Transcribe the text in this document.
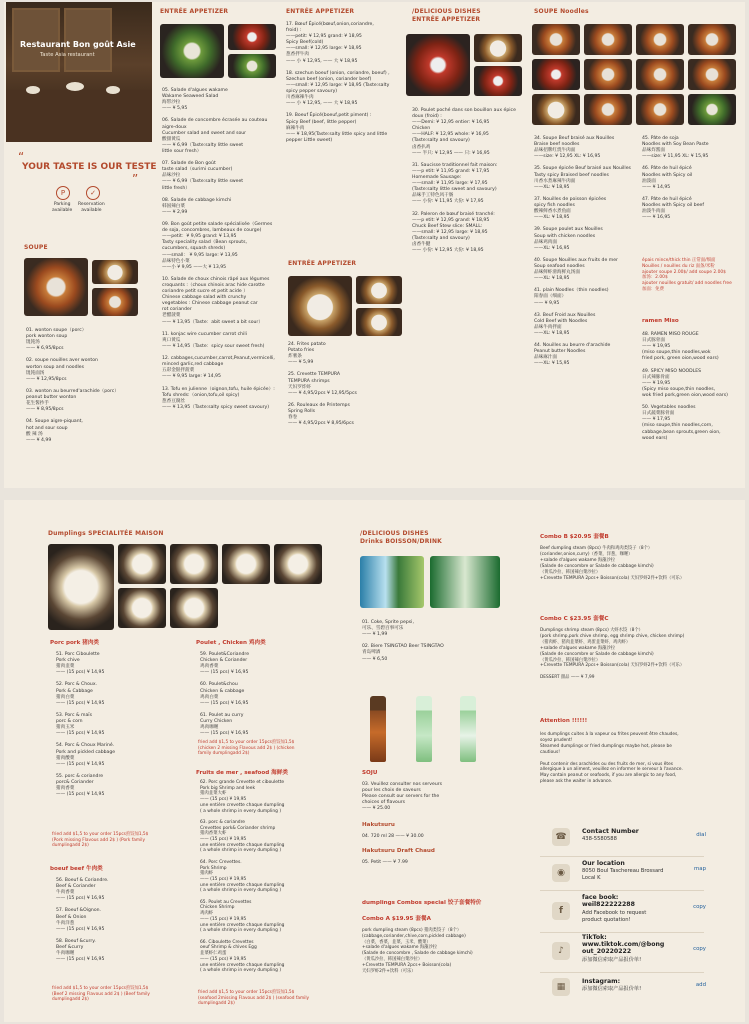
Restaurant Bon goût Asie
Taste Asia restaurant
“
YOUR TASTE IS OUR TESTE
”
P
Parking
available
✓
Reservation
available
SOUPE
01. wonton soupe（porc）
pork wonton soup
馄饨汤
—— ¥ 6,95/8pcs

02. soupe nouilles aver wonton
worton soup and noodles
馄饨面汤
—— ¥ 12,95/8pcs

03. wonton au beurred'arachide（porc）
peanut butter wonton
花生酱抄手
—— ¥ 8,95/8pcs

04. Soupe aigre-piquant,
hot and sour soup
酸 辣 汤
—— ¥ 4,99
ENTRÉE APPETIZER
05. Salade d'algues wakame
Wakame Seaweed Salad
海带沙拉
—— ¥ 5,95

06. Salade de concombre écrasée au couteau
aigre-doux
Cucumber salad and sweet and sour
酸甜黄瓜
—— ¥ 6,99（Taste:salty little sweet
little sour fresh）

07. Salade de Bon goût
taste salad（surimi cucumber)
品味沙拉
—— ¥ 6,99（Taste:salty little sweet
little fresh）

08. Salade de cabbage kimchi
韩国辣白菜
—— ¥ 2,99

09. Bon goût petite salade spécialisée（Germes
de soja, concombres, lambeaux de courge)
——petit：¥ 9,95 grand: ¥ 13,95
Tasty speciality salad（Bean sprouts,
cucumbers, squash shreds)
——small： ¥ 9,95 large: ¥ 13,95
品味特色小菜
——小 ¥ 9,95 ——大 ¥ 13,95

10. Salade de choux chinois râpé aux légumes
croquants :（choux chinois arac hide carotte
coriandre petit sucre et petit acide ）
Chinese cabbage salad with crunchy
vegetables : Chinese cabbage peanut car
rot coriander
老醋菠菜
—— ¥ 13,95（Taste：abit sweet a bit sour）

11. konjac wire cucumber carrot chili
爽口黄瓜
—— ¥ 14,95（Taste：spicy sour sweet fresh)

12. cabbages,cucumber,carrot,Peanut,vermicelli,
minced garlic,red cabbage
五彩金银拌菠菜
—— ¥ 9,95 large: ¥ 14,95

13. Tofu en julienne（oignon,tofu, huile épicée）:
Tofu shreds:（onion,tofu,oil spicy)
葱香豆腐丝
—— ¥ 13,95（Taste:salty spicy sweet savoury)
ENTRÉE APPETIZER
17. Bœuf Épicé(bœuf,onion,coriandre,
froid) :
——petit: ¥ 12,95 grand: ¥ 18,95
Spicy Beef(cold)
——small: ¥ 12,95 large: ¥ 18,95
葱香拌牛肉
—— 小 ¥ 12,95, —— 大 ¥ 18,95

18. szechun boeuf (onion, coriandre, boeuf) ,
Szechun beef (onion, coriander beef)
——small: ¥ 12,95 large: ¥ 18,95 (Taste:salty
spicy pepper savoury)
川香麻辣牛肉
—— 小 ¥ 12,95, —— 大 ¥ 18,95

19. Boeuf Épicé(boeuf,petit piment) :
Spicy Beef (beef, little pepper)
麻辣牛肉
—— ¥ 18,95(Taste:salty little spicy and little
pepper Little sweet)
ENTRÉE APPETIZER
24. Frites patato
Potato fries
炸薯条
—— ¥ 5,99

25. Crevette TEMPURA
TEMPURA shrimps
天妇罗炸虾
—— ¥ 4,95/2pcs ¥ 12,95/5pcs

26. Rouleaux de Printemps
Spring Rolls
春卷
—— ¥ 4,95/2pcs ¥ 8,95/6pcs
/DELICIOUS DISHES
ENTRÉE APPETIZER
30. Poulet poché dans son bouillon aux épice
doux (froid) :
——Demi: ¥ 12,95 entier: ¥ 16,95
Chicken
——HALF: ¥ 12,95 whole: ¥ 16,95
(Taste:salty and savoury)
卤香扒鸡
—— 半只: ¥ 12,95 —— 只: ¥ 16,95

31. Saucisse traditionnel fait maison:
——p etit: ¥ 11,95 grand: ¥ 17,95
Homemade Sausage:
——small: ¥ 11,95 large: ¥ 17,95
(Taste:salty little sweet and savoury)
品味手工特色风干肠
—— 小份: ¥ 11,95 大份: ¥ 17,95

32. Paleron de bœuf braisé tranché:
——p etit: ¥ 12,95 grand: ¥ 18,95
Chuck Beef Stew slice: SMALL:
——small: ¥ 12,95 large: ¥ 18,95
(Taste:salty and savoury)
卤香牛腱
—— 小份: ¥ 12,95 大份: ¥ 18,95
SOUPE Noodles
34. Soupe Beuf braisé aux Nouilles
Braise beef noodles
品味招牌红烧牛肉面
——size: ¥ 12,95 XL: ¥ 16,95

35. Soupe épicée Beuf braisé aux Nouilles
Tasty spicy Braised beef noodles
川香水煮麻辣牛肉面
——XL: ¥ 18,95

37. Nouilles de poisson épicées
spicy fish noodles
酸辣鲜香水煮鱼面
——XL: ¥ 18,95

39. Soupe poulet aux Nouilles
Soup with chicken noodles
品味鸡肉面
——XL: ¥ 16,95

40. Soupe Nouilles aux fruits de mer
Soup seafood noodles
品味鲜虾滑海鲜丸汤面
——XL: ¥ 18,95

41. plain Noodles（thin noodles)
阳春面（细面）
—— ¥ 9,95

43. Beuf Froid aux Nouilles
Cold Beef with Noodles
品味牛肉拌面
——XL: ¥ 18,95

44. Nouilles au beurre d'arachide
Peanut butter Noodles
品味麻汁面
——XL: ¥ 15,95
45. Pâte de soja
Noodles with Soy Bean Paste
品味炸酱面
——size: ¥ 11,95 XL: ¥ 15,95

46. Pâte de huil épicé
Noodles with Spicy oil
油泼面
—— ¥ 14,95

47. Pâte de huil épicé
Noodles with Spicy oil beef
油泼牛肉面
—— ¥ 16,95
épais mince/thick thin 正常面/细面
Nouilles / nouilles du riz 面条/米粉
ajouter soupe 2.00$/ add soupe 2.00$
加汤：2.00$
ajouter nouilles gratuit/ add noodles free
加面：免费
ramen Miso
48. RAMEN MISO ROUGE
日式豚骨面
—— ¥ 19,95
(miso soupe,thin noodles,wok
fried pork, green oion,wood ears)

49. SPICY MISO NOODLES
日式辣豚骨面
—— ¥ 19,95
(Spicy miso soupe,thin noodles,
wok fried pork,green oion,wood ears)

50. Vegetables noodles
日式蔬菜豚骨面
—— ¥ 17,95
(miso soupe,thin noodles,corn,
cabbage,bean sprouts,green oion,
wood ears)
Dumplings SPECIALITÉE MAISON
Porc pork 猪肉类
51. Porc Ciboulette
Pork chive
猪肉韭菜
—— (15 pcs) ¥ 14,95

52. Porc & Choux.
Pork & Cabbage
猪肉白菜
—— (15 pcs) ¥ 14,95

53. Porc & maïs
porc & corn
猪肉玉米
—— (15 pcs) ¥ 14,95

54. Porc & Choux Mariné.
Pork and pickled cabbage
猪肉酸菜
—— (15 pcs) ¥ 14,95

55. porc & coriandre
porc& Coriander
猪肉香菜
—— (15 pcs) ¥ 14,95
fried add $1,5 to your order 15pcs煎饺加1,5$
(Pork missing Flavous add 2$ ) (Pork family
dumplingadd 2$)
boeuf beef 牛肉类
56. Boeuf & Coriandre.
Beef & Coriander
牛肉香菜
—— (15 pcs) ¥ 16,95

57. Boeuf &Oignon.
Beef & Onion
牛肉洋葱
—— (15 pcs) ¥ 16,95

58. Boeuf &curry.
Beef &curry
牛肉咖喱
—— (15 pcs) ¥ 16,95
fried add $1,5 to your order 15pcs煎饺加1,5$
(Beef 2 missing Flavous add 2$ ) (Beef family
dumplingadd 2$)
Poulet , Chicken 鸡肉类
59. Poulet&Coriandre
Chicken & Coriander
鸡肉香菜
—— (15 pcs) ¥ 16,95

60. Poulet&chou
Chicken & cabbage
鸡肉白菜
—— (15 pcs) ¥ 16,95

61. Poulet au curry
Curry Chicken
鸡肉咖喱
—— (15 pcs) ¥ 16,95
fried add $1,5 to your order 15pcs煎饺加1,5$
(chicken 2 missing Flavous add 2$ ) (chicken
family dumplingadd 2$)
Fruits de mer , seafood 海鲜类
62. Porc grande Crevette et ciboulette
Pork big Shrimp and leek
猪肉韭菜大虾
—— (15 pcs) ¥ 19,95
une entière crevette chaque dumpling
( a whole shrimp in every dumpling )

63. porc & coriandre
Crevettes pork& Coriander shrimp
猪肉香菜大虾
—— (15 pcs) ¥ 19,95
une entière crevette chaque dumpling
( a whole shrimp in every dumpling )

64. Porc Crevettes.
Pork Shrimp
猪肉虾
—— (15 pcs) ¥ 19,95
une entière crevette chaque dumpling
( a whole shrimp in every dumpling )

65. Poulet au Crevettes
Chicken Shrimp
鸡肉虾
—— (15 pcs) ¥ 19,95
une entière crevette chaque dumpling
( a whole shrimp in every dumpling )

66. Ciboulette Crevettes
oeuf Shrimp & chives Egg
韭菜虾仁鸡蛋
—— (15 pcs) ¥ 19,95
une entière crevette chaque dumpling
( a whole shrimp in every dumpling )
fried add $1,5 to your order 15pcs煎饺加1,5$
(seafood 2missing Flavous add 2$ ) (seafood family
dumplingadd 2$)
/DELICIOUS DISHES
Drinks BOISSON/DRINK
01. Coke, Sprite pepsi,
可乐、雪碧百事可乐
—— ¥ 1,99

02. Biere TSINGTAO Beer TSINGTAO
青岛啤酒
—— ¥ 6,50
SOJU
03. Veuillez consulter nos serveurs
pour les choix de saveurs
Please consult our servers for the
choices of flavours
—— ¥ 25.00
Hakutsuru
04. 720 ml 28 —— ¥ 30.00
Hakutsuru Draft Chaud
05. Petit —— ¥ 7.99
dumplings Combos special 饺子套餐特价
Combo A $19.95 套餐A
pork dumpling steam (8pcs) 猪肉类饺子（8个）
(cabbage,coriander,chive,corn,pickled cabbage)
（白菜，香菜，韭菜，玉米，酸菜）
+salade d'algues wakame 海藻沙拉
(Salade de concombre , Salade de cabbage kimchi)
（黄瓜沙拉、韩国辣白菜沙拉）
+Crevette TEMPURA 2pcs+ Boisson(cola)
天妇罗虾2件+饮料（可乐）
Combo B $20.95 套餐B
Beef dumpling steam (8pcs) 牛肉和鸡肉类饺子（8个）
(coriander,onion,curry)（香菜，洋葱，咖喱）
+salade d'algues wakame 海藻沙拉
(Salade de concombre or Salade de cabbage kimchi)
（黄瓜沙拉、韩国辣白菜沙拉）
+Crevette TEMPURA 2pcs+ Boisson(cola) 天妇罗虾2件+饮料（可乐）
Combo C $23.95 套餐C
Dumplings shrimp steam (8pcs) 大虾水饺（8个）
(pork shrimp,pork chive shrimp, egg shrimp chive, chicken shrimp)
（猪肉虾、猪肉韭菜虾、鸡蛋韭菜虾、鸡肉虾）
+salade d'algues wakame 海藻沙拉
(Salade de concombre or Salade de cabbage kimchi)
（黄瓜沙拉、韩国辣白菜沙拉）
+Crevette TEMPURA 2pcs+ Boisson(cola) 天妇罗虾2件+饮料（可乐）

DESSERT 甜品 —— ¥ 7,99
Attention !!!!!!
les dumplings cuites à la vapeur ou frites peuvent être chaudes,
soyez prudent!
Steamed dumplings or fried dumplings maybe hot, please be
cautious!

Peut contenir des arachides ou des fruits de mer, si vous êtes
allergique à un aliment, veuillez en informer le serveur à l'avance.
May contain peanut or seafoods, if you are allergic to any food,
please ask the waiter in advance.
☎
Contact Number
438-5580588
dial
◉
Our location
8050 Boul Taschereau Brossard
Local K
map
f
face book:
weil822222288
Add Facebook to request
product quotation!
copy
♪
TikTok:
www.tiktok.com/@bong
out_20220222
添加微信索取产品报价单!
copy
▦
Instagram:
添加微信索取产品报价单!
add
